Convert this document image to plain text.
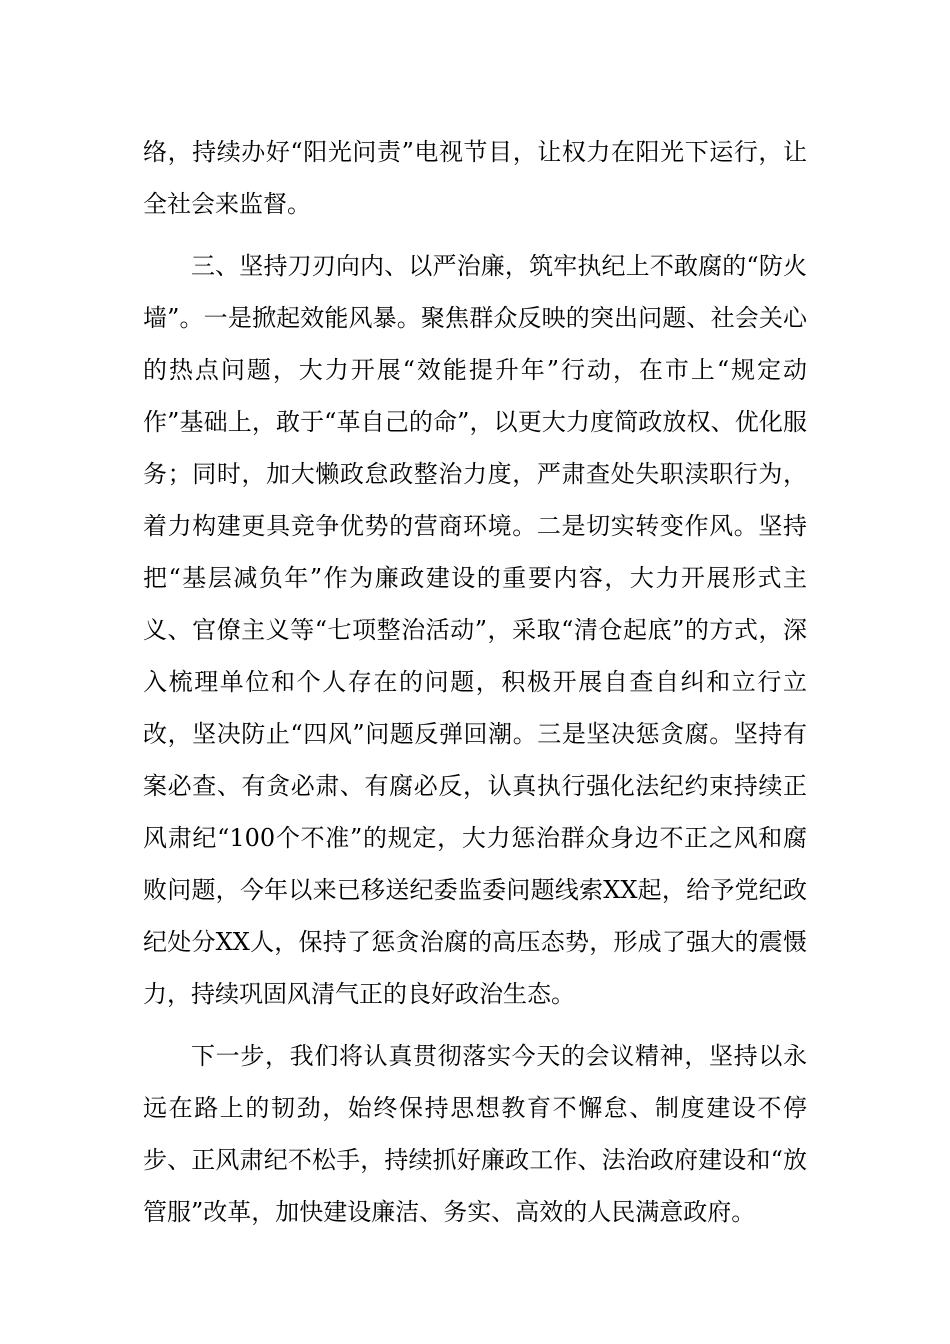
络，持续办好“阳光问责”电视节目，让权力在阳光下运行，让全社会来监督。

三、坚持刀刃向内、以严治廉，筑牢执纪上不敢腐的“防火墙”。一是掀起效能风暴。聚焦群众反映的突出问题、社会关心的热点问题，大力开展“效能提升年”行动，在市上“规定动作”基础上，敢于“革自己的命”，以更大力度简政放权、优化服务；同时，加大懒政怠政整治力度，严肃查处失职渎职行为，着力构建更具竞争优势的营商环境。二是切实转变作风。坚持把“基层减负年”作为廉政建设的重要内容，大力开展形式主义、官僚主义等“七项整治活动”，采取“清仓起底”的方式，深入梳理单位和个人存在的问题，积极开展自查自纠和立行立改，坚决防止“四风”问题反弹回潮。三是坚决惩贪腐。坚持有案必查、有贪必肃、有腐必反，认真执行强化法纪约束持续正风肃纪“100个不准”的规定，大力惩治群众身边不正之风和腐败问题，今年以来已移送纪委监委问题线索XX起，给予党纪政纪处分XX人，保持了惩贪治腐的高压态势，形成了强大的震慑力，持续巩固风清气正的良好政治生态。

下一步，我们将认真贯彻落实今天的会议精神，坚持以永远在路上的韧劲，始终保持思想教育不懈怠、制度建设不停步、正风肃纪不松手，持续抓好廉政工作、法治政府建设和“放管服”改革，加快建设廉洁、务实、高效的人民满意政府。
